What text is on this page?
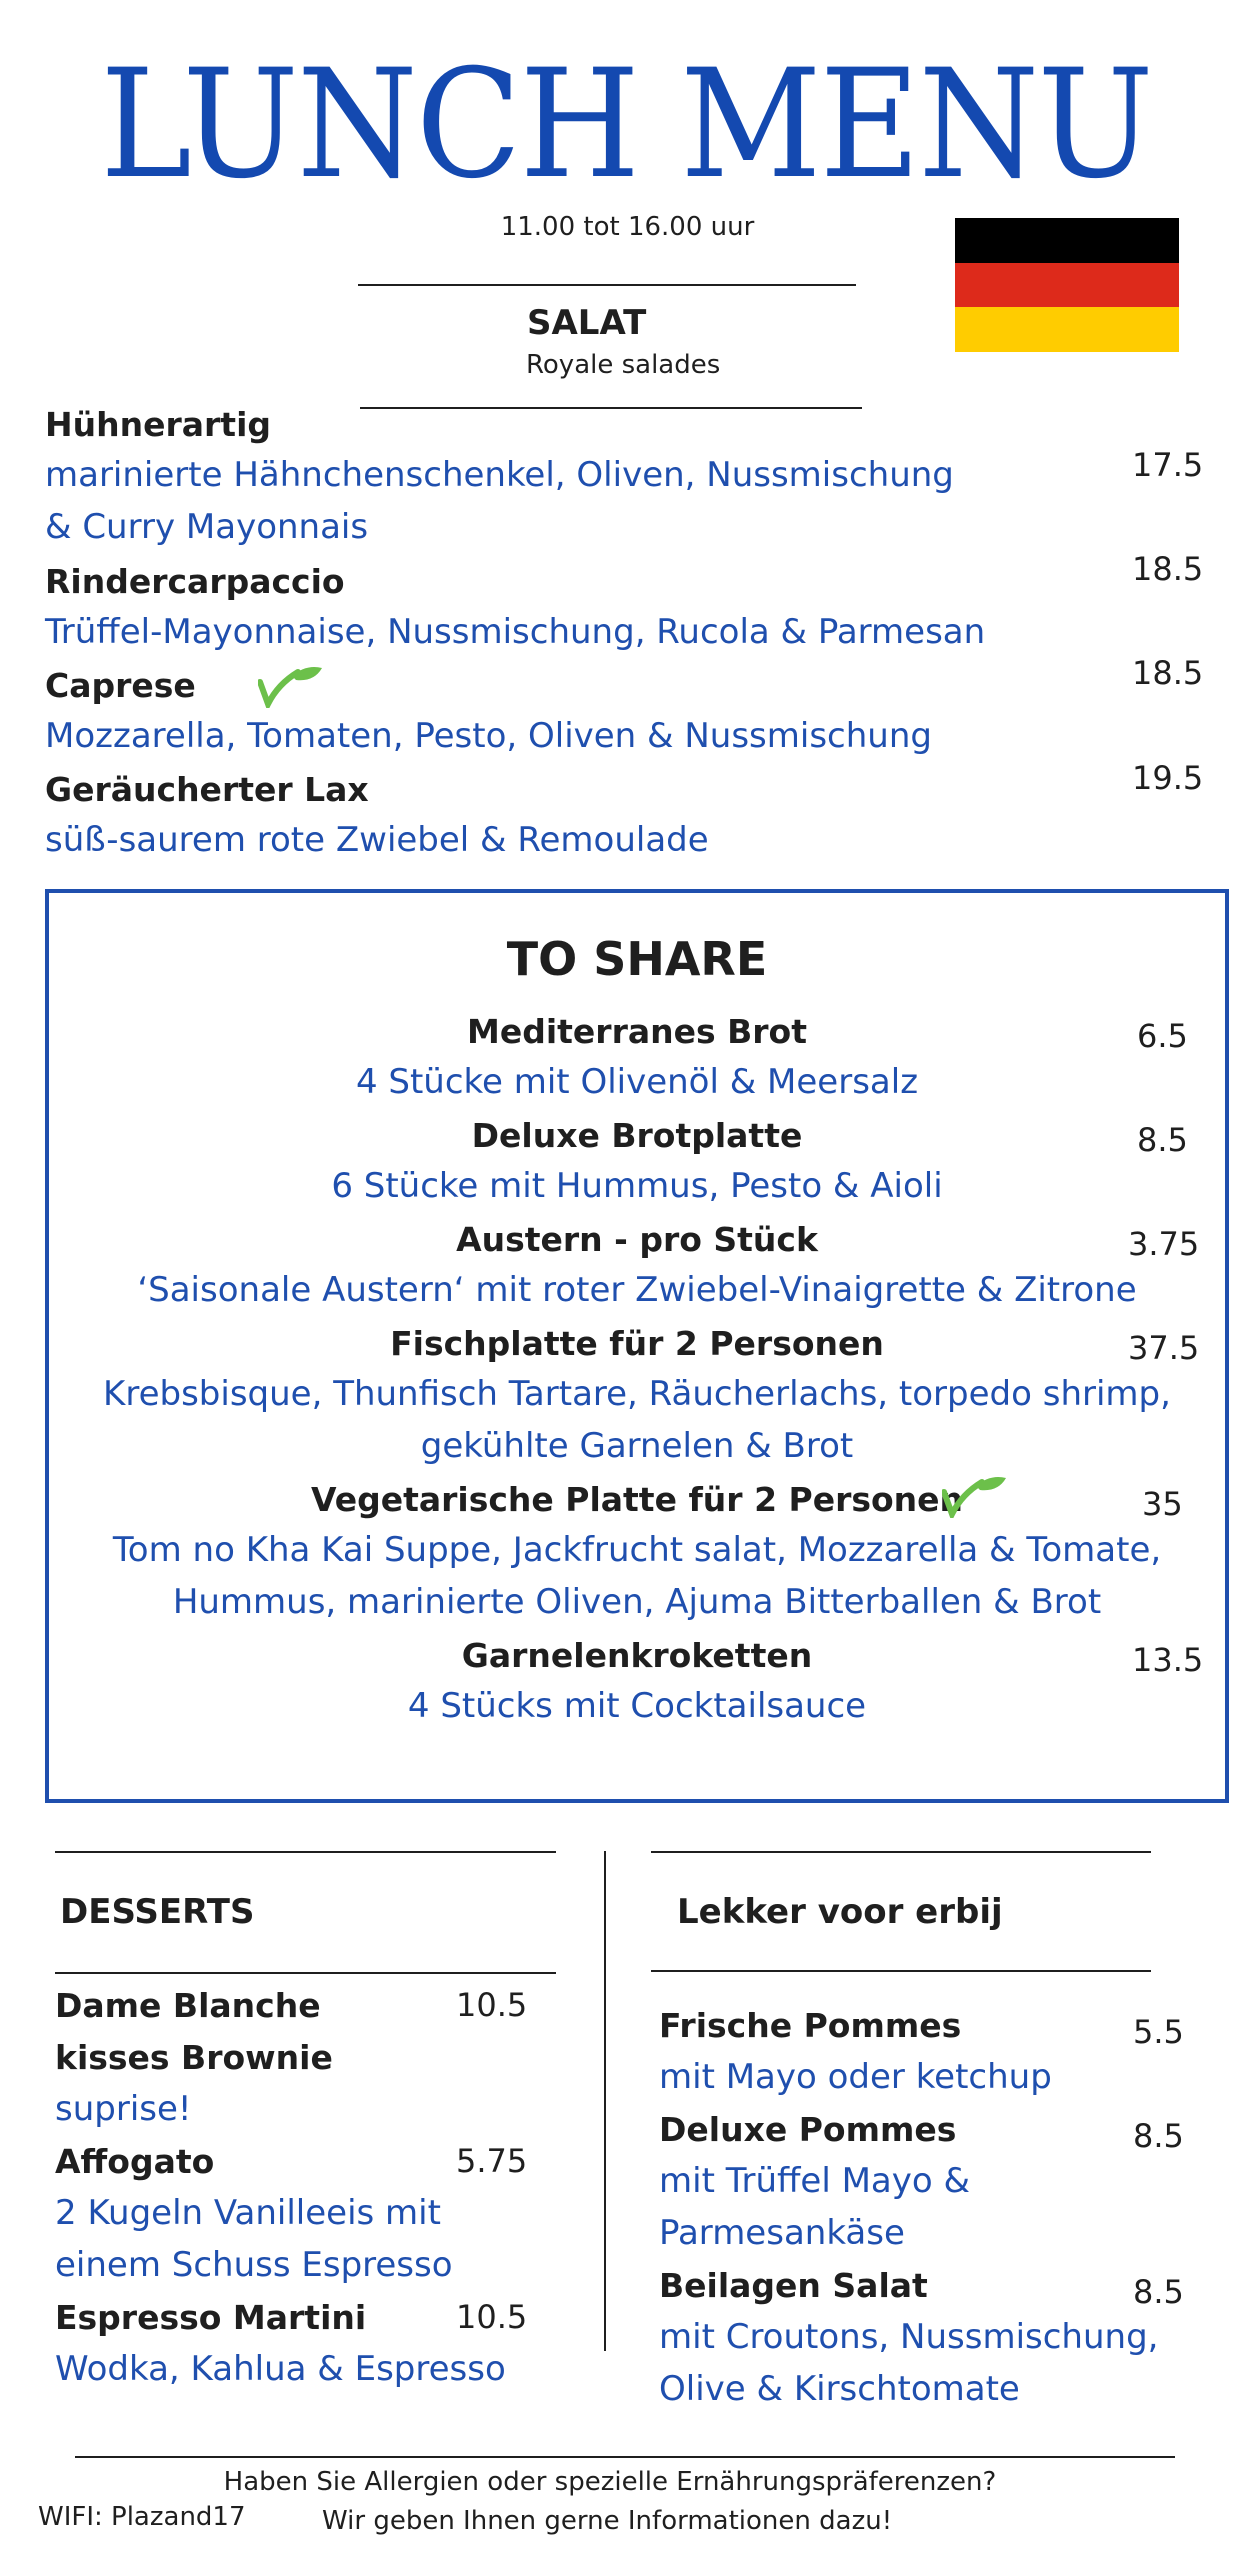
LUNCH MENU
11.00 tot 16.00 uur
SALAT
Royale salades
Hühnerartig
marinierte Hähnchenschenkel, Oliven, Nussmischung
& Curry Mayonnais
17.5
Rindercarpaccio
Trüffel-Mayonnaise, Nussmischung, Rucola & Parmesan
18.5
Caprese
Mozzarella, Tomaten, Pesto, Oliven & Nussmischung
18.5
Geräucherter Lax
süß-saurem rote Zwiebel & Remoulade
19.5
TO SHARE
Mediterranes Brot
4 Stücke mit Olivenöl & Meersalz
6.5
Deluxe Brotplatte
6 Stücke mit Hummus, Pesto & Aioli
8.5
Austern - pro Stück
‘Saisonale Austern‘ mit roter Zwiebel-Vinaigrette & Zitrone
3.75
Fischplatte für 2 Personen
Krebsbisque, Thunfisch Tartare, Räucherlachs, torpedo shrimp,
gekühlte Garnelen & Brot
37.5
Vegetarische Platte für 2 Personen
Tom no Kha Kai Suppe, Jackfrucht salat, Mozzarella & Tomate,
Hummus, marinierte Oliven, Ajuma Bitterballen & Brot
35
Garnelenkroketten
4 Stücks mit Cocktailsauce
13.5
DESSERTS
Dame Blanche
kisses Brownie
suprise!
10.5
Affogato
2 Kugeln Vanilleeis mit
einem Schuss Espresso
5.75
Espresso Martini
Wodka, Kahlua & Espresso
10.5
Lekker voor erbij
Frische Pommes
mit Mayo oder ketchup
5.5
Deluxe Pommes
mit Trüffel Mayo &
Parmesankäse
8.5
Beilagen Salat
mit Croutons, Nussmischung,
Olive & Kirschtomate
8.5
Haben Sie Allergien oder spezielle Ernährungspräferenzen?
WIFI: Plazand17	Wir geben Ihnen gerne Informationen dazu!
